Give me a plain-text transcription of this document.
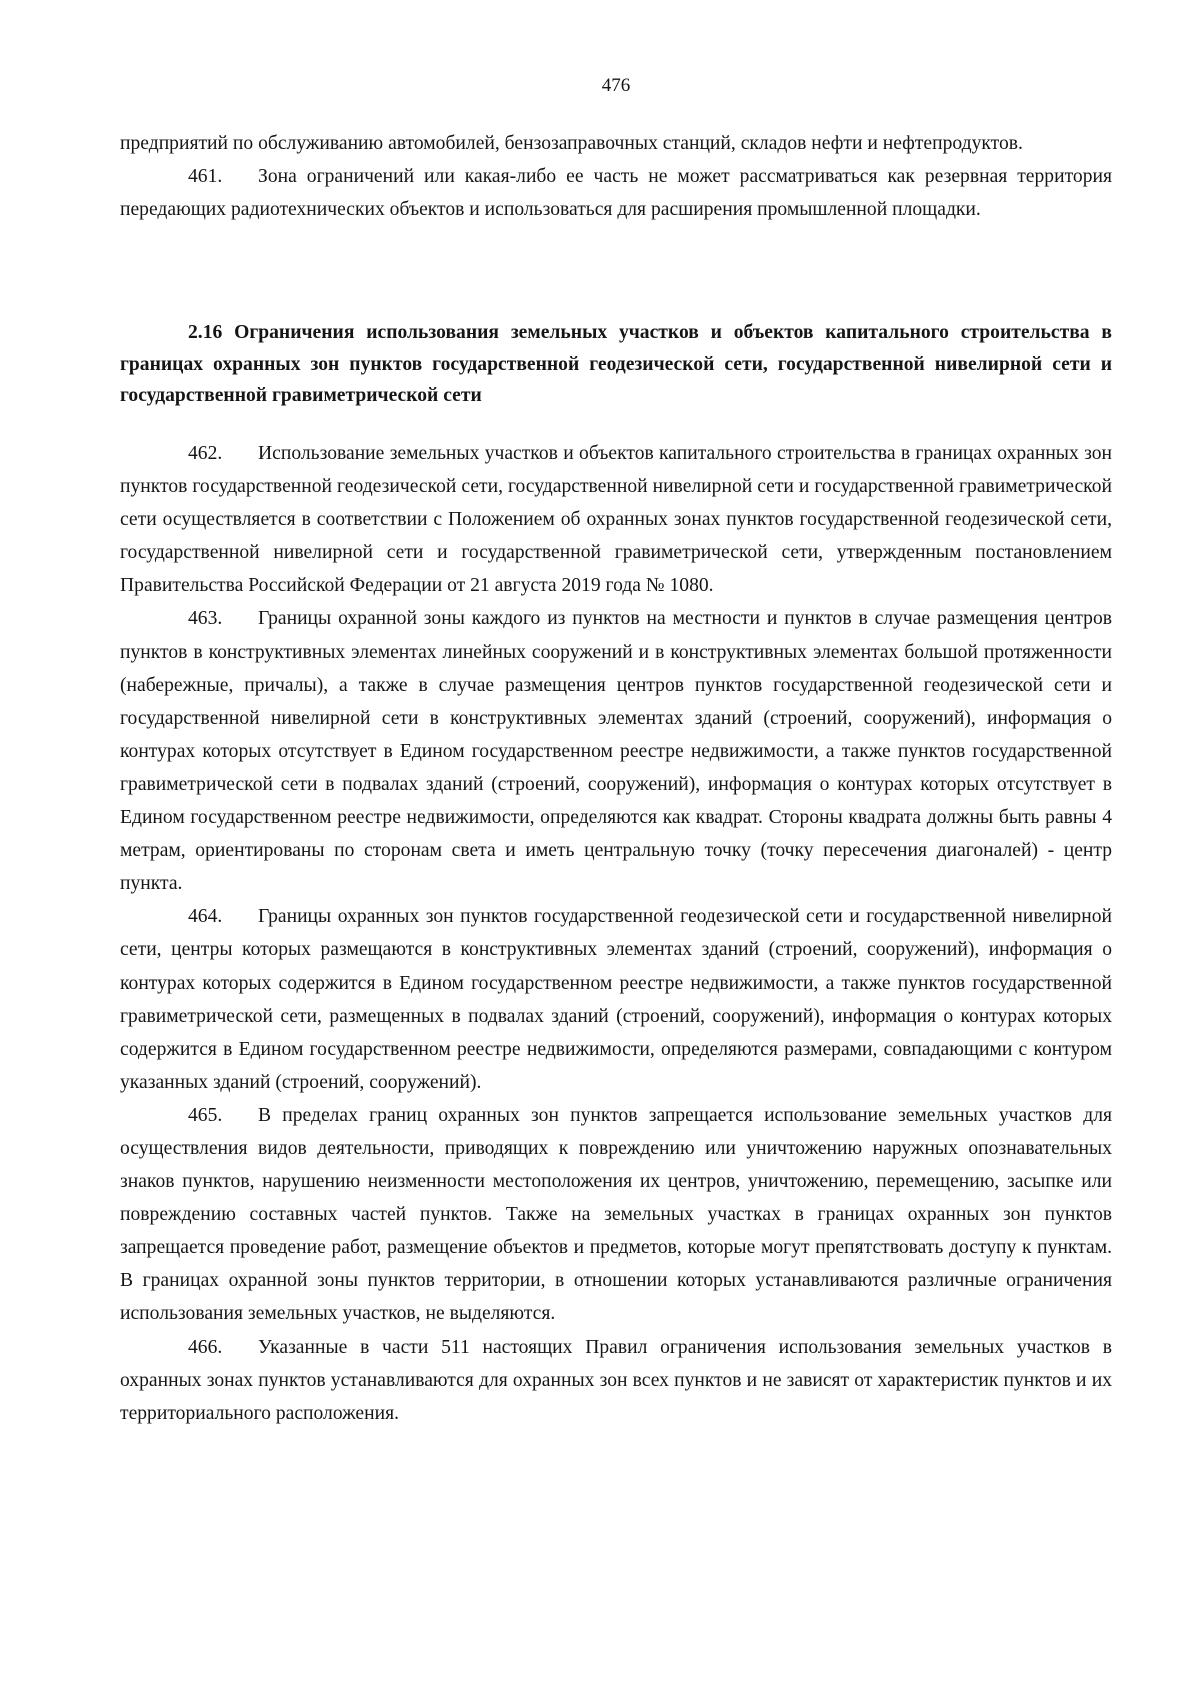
476

предприятий по обслуживанию автомобилей, бензозаправочных станций, складов нефти и нефтепродуктов.

461. Зона ограничений или какая-либо ее часть не может рассматриваться как резервная территория передающих радиотехнических объектов и использоваться для расширения промышленной площадки.

2.16 Ограничения использования земельных участков и объектов капитального строительства в границах охранных зон пунктов государственной геодезической сети, государственной нивелирной сети и государственной гравиметрической сети

462. Использование земельных участков и объектов капитального строительства в границах охранных зон пунктов государственной геодезической сети, государственной нивелирной сети и государственной гравиметрической сети осуществляется в соответствии с Положением об охранных зонах пунктов государственной геодезической сети, государственной нивелирной сети и государственной гравиметрической сети, утвержденным постановлением Правительства Российской Федерации от 21 августа 2019 года № 1080.

463. Границы охранной зоны каждого из пунктов на местности и пунктов в случае размещения центров пунктов в конструктивных элементах линейных сооружений и в конструктивных элементах большой протяженности (набережные, причалы), а также в случае размещения центров пунктов государственной геодезической сети и государственной нивелирной сети в конструктивных элементах зданий (строений, сооружений), информация о контурах которых отсутствует в Едином государственном реестре недвижимости, а также пунктов государственной гравиметрической сети в подвалах зданий (строений, сооружений), информация о контурах которых отсутствует в Едином государственном реестре недвижимости, определяются как квадрат. Стороны квадрата должны быть равны 4 метрам, ориентированы по сторонам света и иметь центральную точку (точку пересечения диагоналей) - центр пункта.

464. Границы охранных зон пунктов государственной геодезической сети и государственной нивелирной сети, центры которых размещаются в конструктивных элементах зданий (строений, сооружений), информация о контурах которых содержится в Едином государственном реестре недвижимости, а также пунктов государственной гравиметрической сети, размещенных в подвалах зданий (строений, сооружений), информация о контурах которых содержится в Едином государственном реестре недвижимости, определяются размерами, совпадающими с контуром указанных зданий (строений, сооружений).

465. В пределах границ охранных зон пунктов запрещается использование земельных участков для осуществления видов деятельности, приводящих к повреждению или уничтожению наружных опознавательных знаков пунктов, нарушению неизменности местоположения их центров, уничтожению, перемещению, засыпке или повреждению составных частей пунктов. Также на земельных участках в границах охранных зон пунктов запрещается проведение работ, размещение объектов и предметов, которые могут препятствовать доступу к пунктам. В границах охранной зоны пунктов территории, в отношении которых устанавливаются различные ограничения использования земельных участков, не выделяются.

466. Указанные в части 511 настоящих Правил ограничения использования земельных участков в охранных зонах пунктов устанавливаются для охранных зон всех пунктов и не зависят от характеристик пунктов и их территориального расположения.
